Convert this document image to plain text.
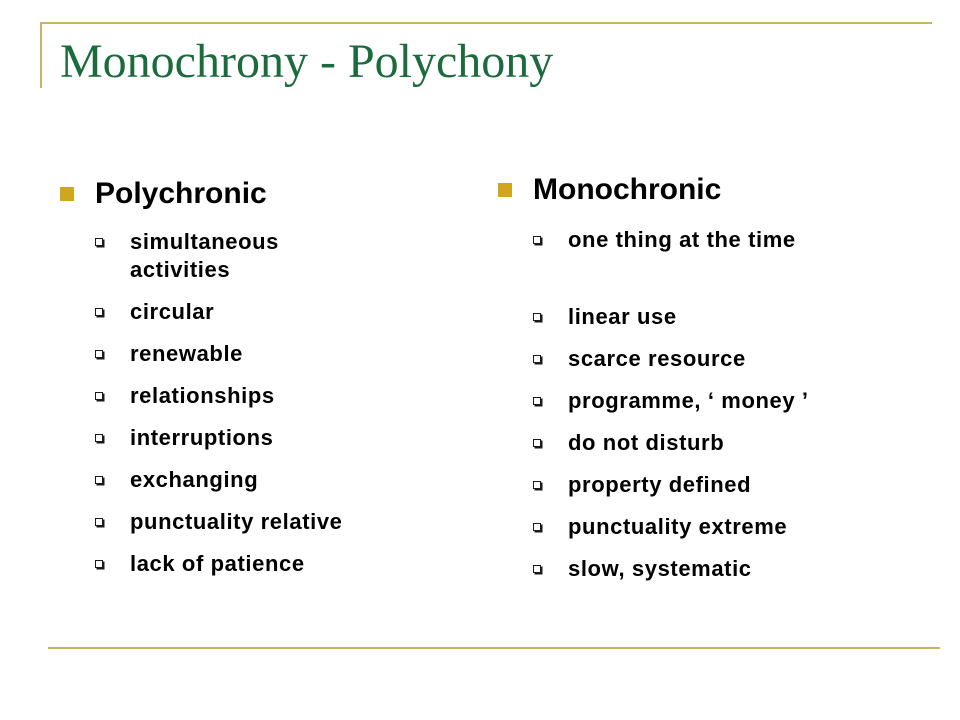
Monochrony - Polychony
Polychronic
simultaneous activities
circular
renewable
relationships
interruptions
exchanging
punctuality relative
lack of patience
Monochronic
one thing at the time
linear use
scarce resource
programme, ‘ money ’
do not disturb
property defined
punctuality extreme
slow, systematic
